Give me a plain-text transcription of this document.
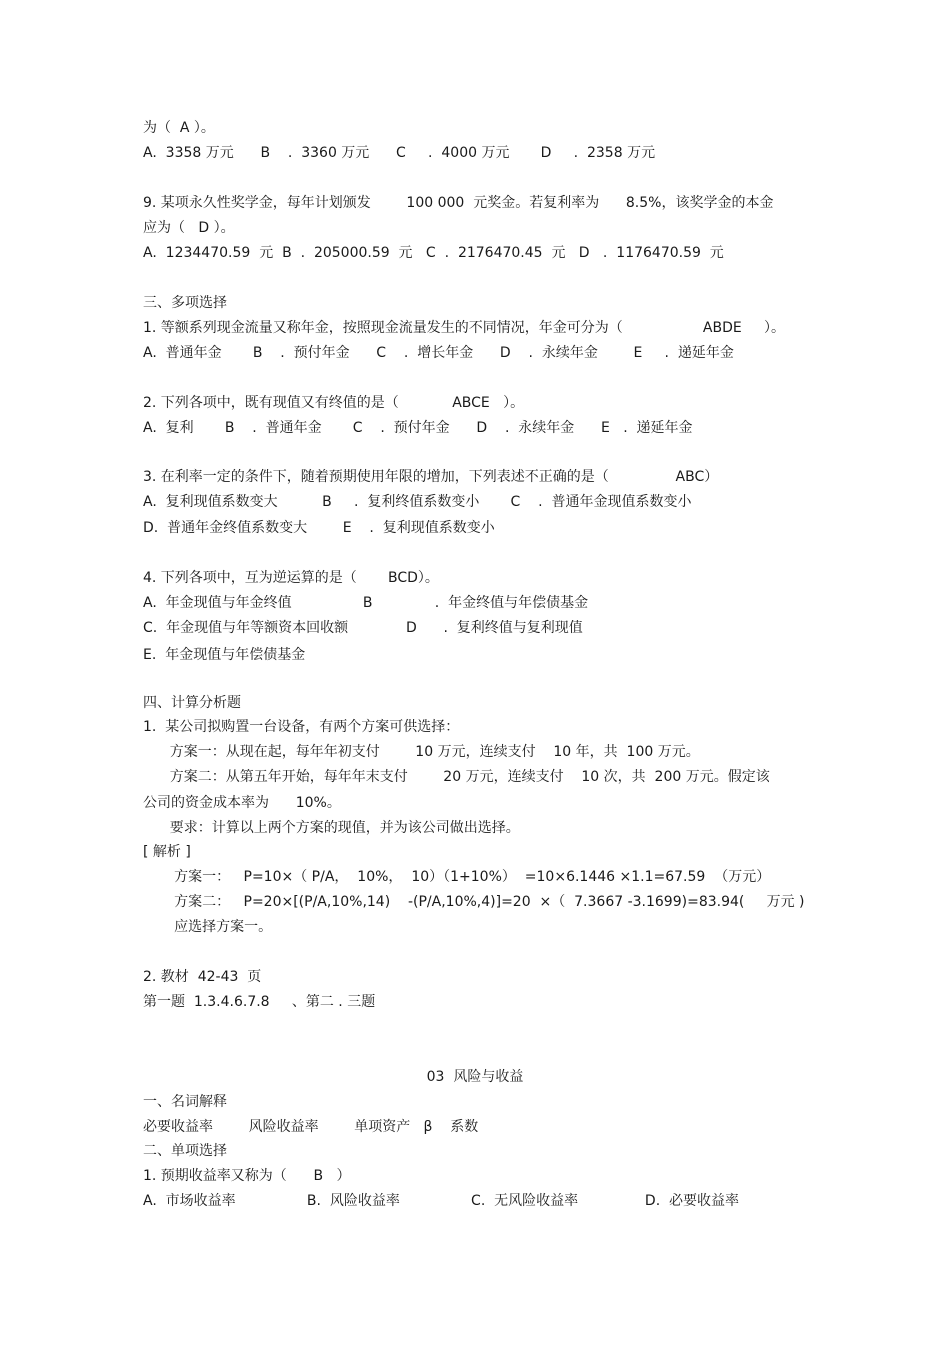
为（  A ）。
A.  3358 万元      B    .  3360 万元      C     .  4000 万元       D     .  2358 万元
9. 某项永久性奖学金，每年计划颁发        100 000  元奖金。若复利率为      8.5%，该奖学金的本金
应为（   D ）。
A.  1234470.59  元  B  .  205000.59  元   C  .  2176470.45  元   D   .  1176470.59  元
三、多项选择
1. 等额系列现金流量又称年金，按照现金流量发生的不同情况，年金可分为（                  ABDE     ）。
A.  普通年金       B    .  预付年金      C    .  增长年金      D    .  永续年金        E     .  递延年金
2. 下列各项中，既有现值又有终值的是（            ABCE   ）。
A.  复利       B    .  普通年金       C    .  预付年金      D    .  永续年金      E   .  递延年金
3. 在利率一定的条件下，随着预期使用年限的增加，下列表述不正确的是（               ABC）
A.  复利现值系数变大          B     .  复利终值系数变小       C    .  普通年金现值系数变小
D.  普通年金终值系数变大        E    .  复利现值系数变小
4. 下列各项中，互为逆运算的是（       BCD）。
A.  年金现值与年金终值                B              .  年金终值与年偿债基金
C.  年金现值与年等额资本回收额             D      .  复利终值与复利现值
E.  年金现值与年偿债基金
四、计算分析题
1.  某公司拟购置一台设备，有两个方案可供选择：
方案一：从现在起，每年年初支付        10 万元，连续支付    10 年，共  100 万元。
方案二：从第五年开始，每年年末支付        20 万元，连续支付    10 次，共  200 万元。假定该
公司的资金成本率为      10%。
要求：计算以上两个方案的现值，并为该公司做出选择。
[ 解析 ]
方案一：   P=10×（ P/A，  10%，  10）（1+10%）  =10×6.1446 ×1.1=67.59  （万元）
方案二：   P=20×[(P/A,10%,14)    -(P/A,10%,4)]=20  ×（  7.3667 -3.1699)=83.94(     万元 )
应选择方案一。
2. 教材  42-43  页
第一题  1.3.4.6.7.8     、第二 . 三题
03  风险与收益
一、名词解释
必要收益率        风险收益率        单项资产   β    系数
二、单项选择
1. 预期收益率又称为（      B   ）
A.  市场收益率                B.  风险收益率                C.  无风险收益率               D.  必要收益率
